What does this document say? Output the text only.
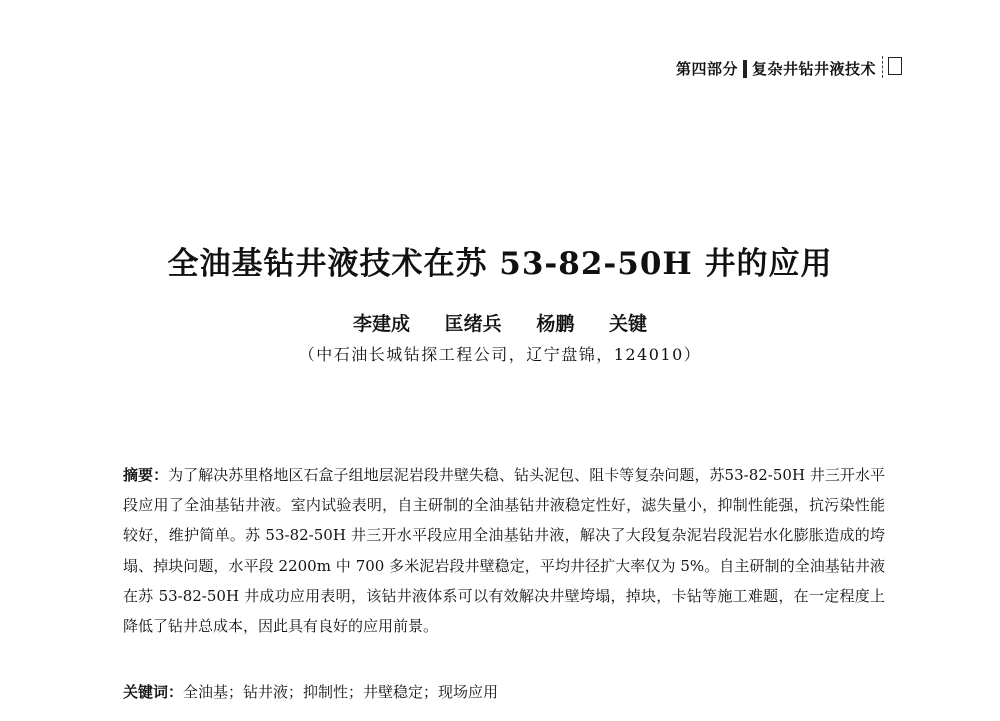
第四部分 复杂井钻井液技术
全油基钻井液技术在苏 53-82-50H 井的应用
李建成 匡绪兵 杨鹏 关键
（中石油长城钻探工程公司，辽宁盘锦，124010）
摘要：为了解决苏里格地区石盒子组地层泥岩段井壁失稳、钻头泥包、阻卡等复杂问题，苏53-82-50H 井三开水平段应用了全油基钻井液。室内试验表明，自主研制的全油基钻井液稳定性好，滤失量小，抑制性能强，抗污染性能较好，维护简单。苏 53-82-50H 井三开水平段应用全油基钻井液，解决了大段复杂泥岩段泥岩水化膨胀造成的垮塌、掉块问题，水平段 2200m 中 700 多米泥岩段井壁稳定，平均井径扩大率仅为 5%。自主研制的全油基钻井液在苏 53-82-50H 井成功应用表明，该钻井液体系可以有效解决井壁垮塌，掉块，卡钻等施工难题，在一定程度上降低了钻井总成本，因此具有良好的应用前景。
关键词：全油基；钻井液；抑制性；井壁稳定；现场应用
